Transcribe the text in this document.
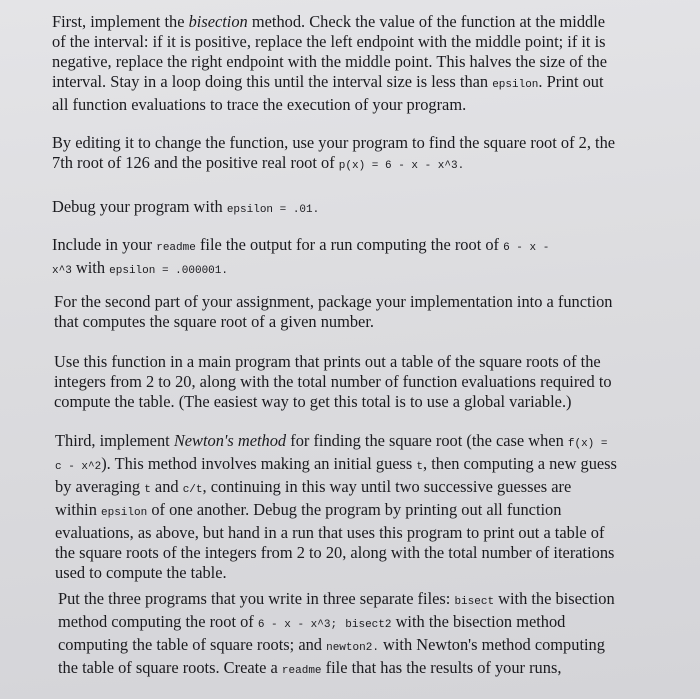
First, implement the bisection method. Check the value of the function at the middle
of the interval: if it is positive, replace the left endpoint with the middle point; if it is
negative, replace the right endpoint with the middle point. This halves the size of the
interval. Stay in a loop doing this until the interval size is less than epsilon. Print out
all function evaluations to trace the execution of your program.
By editing it to change the function, use your program to find the square root of 2, the
7th root of 126 and the positive real root of p(x) = 6 - x - x^3.
Debug your program with epsilon = .01.
Include in your readme file the output for a run computing the root of 6 - x -
x^3 with epsilon = .000001.
For the second part of your assignment, package your implementation into a function
that computes the square root of a given number.
Use this function in a main program that prints out a table of the square roots of the
integers from 2 to 20, along with the total number of function evaluations required to
compute the table. (The easiest way to get this total is to use a global variable.)
Third, implement Newton's method for finding the square root (the case when f(x) =
c - x^2). This method involves making an initial guess t, then computing a new guess
by averaging t and c/t, continuing in this way until two successive guesses are
within epsilon of one another. Debug the program by printing out all function
evaluations, as above, but hand in a run that uses this program to print out a table of
the square roots of the integers from 2 to 20, along with the total number of iterations
used to compute the table.
Put the three programs that you write in three separate files: bisect with the bisection
method computing the root of 6 - x - x^3; bisect2 with the bisection method
computing the table of square roots; and newton2. with Newton's method computing
the table of square roots. Create a readme file that has the results of your runs,
